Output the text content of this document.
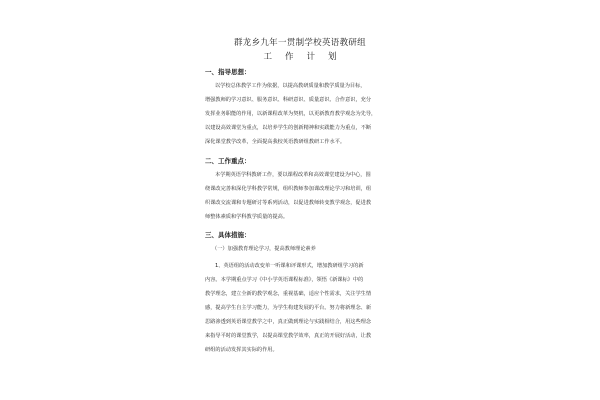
群龙乡九年一贯制学校英语教研组
工作计划
一、指导思想：
以学校总体教学工作为依据，以提高教研质量和教学质量为目标，
增强教师的学习意识、服务意识、科研意识、质量意识、合作意识，充分
发挥业务职能的作用，以新课程改革为契机，以更新教育教学观念为先导，
以建设高效课堂为重点，以培养学生的创新精神和实践能力为重点，不断
深化课堂教学改革，全面提高我校英语教研组教研工作水平。
二、工作重点：
本学期英语学科教研工作，要以课程改革和高效课堂建设为中心，围
绕课改完善和深化学科教学常规，组织教师参加课改理论学习和培训，组
织课改交流课和专题研讨等系列活动，以促进教师转变教学观念，促进教
师整体素质和学科教学质量的提高。
三、具体措施：
（一）加强教育理论学习，提高教师理论素养
1、英语组的活动改变单一听课和评课形式，增加教研组学习的新
内容。本学期重点学习《中小学英语课程标准》，领悟《新课标》中的
教学理念，建立全新的教学观念，重视基础，适应个性需求，关注学生情
感，提高学生自主学习能力，为学生构建发展的平台。努力将新理念、新
思路渗透到英语课堂教学之中，真正做到理论与实践相结合，用这些理念
来指导平时的课堂教学，以提高课堂教学效率，真正的开展好活动，让教
研组的活动发挥其实际的作用。
